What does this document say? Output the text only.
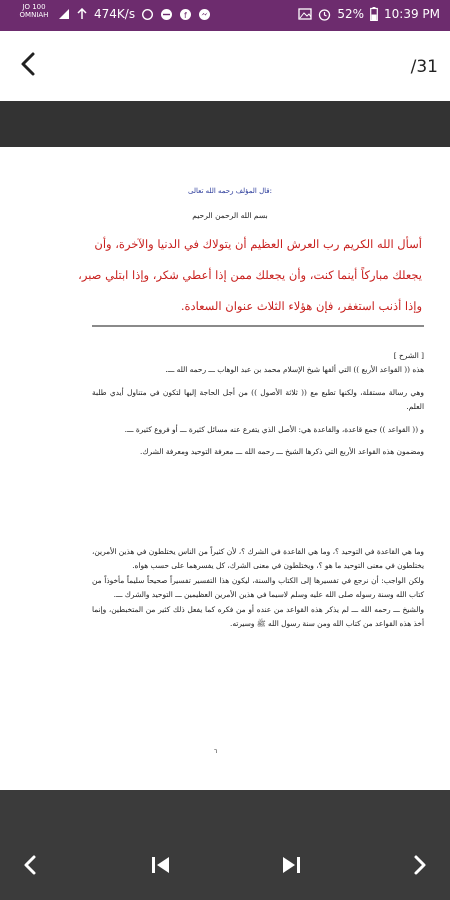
JO 100
OMNIAH	474K/s	f	52% 10:39 PM
/31
قال المؤلف رحمه الله تعالى:
بسم الله الرحمن الرحيم
أسأل الله الكريم رب العرش العظيم أن يتولاك في الدنيا والآخرة، وأن
يجعلك مباركاً أينما كنت، وأن يجعلك ممن إذا أعطي شكر، وإذا ابتلي صبر،
وإذا أذنب استغفر، فإن هؤلاء الثلاث عنوان السعادة.

[ الشرح ]

هذه (( القواعد الأربع )) التي ألفها شيخ الإسلام محمد بن عبد الوهاب ـــ رحمه الله ـــ.

وهي رسالة مستقلة، ولكنها تطبع مع (( ثلاثة الأصول )) من أجل الحاجة إليها لتكون في متناول أيدي طلبة العلم.

و (( القواعد )) جمع قاعدة، والقاعدة هي: الأصل الذي يتفرع عنه مسائل كثيرة ـــ أو فروع كثيرة ـــ.

ومضمون هذه القواعد الأربع التي ذكرها الشيخ ـــ رحمه الله ـــ معرفة التوحيد ومعرفة الشرك.

وما هي القاعدة في التوحيد ؟، وما هي القاعدة في الشرك ؟، لأن كثيراً من الناس يختلطون في هذين الأمرين، يختلطون في معنى التوحيد ما هو ؟، ويختلطون في معنى الشرك، كل يفسرهما على حسب هواه.

ولكن الواجب: أن نرجع في تفسيرها إلى الكتاب والسنة، ليكون هذا التفسير تفسيراً صحيحاً سليماً مأخوذاً من كتاب الله وسنة رسوله صلى الله عليه وسلم لاسيما في هذين الأمرين العظيمين ـــ التوحيد والشرك ـــ.

والشيخ ـــ رحمه الله ـــ لم يذكر هذه القواعد من عنده أو من فكره كما يفعل ذلك كثير من المتخبطين، وإنما أخذ هذه القواعد من كتاب الله ومن سنة رسول الله ﷺ وسيرته.

٦
